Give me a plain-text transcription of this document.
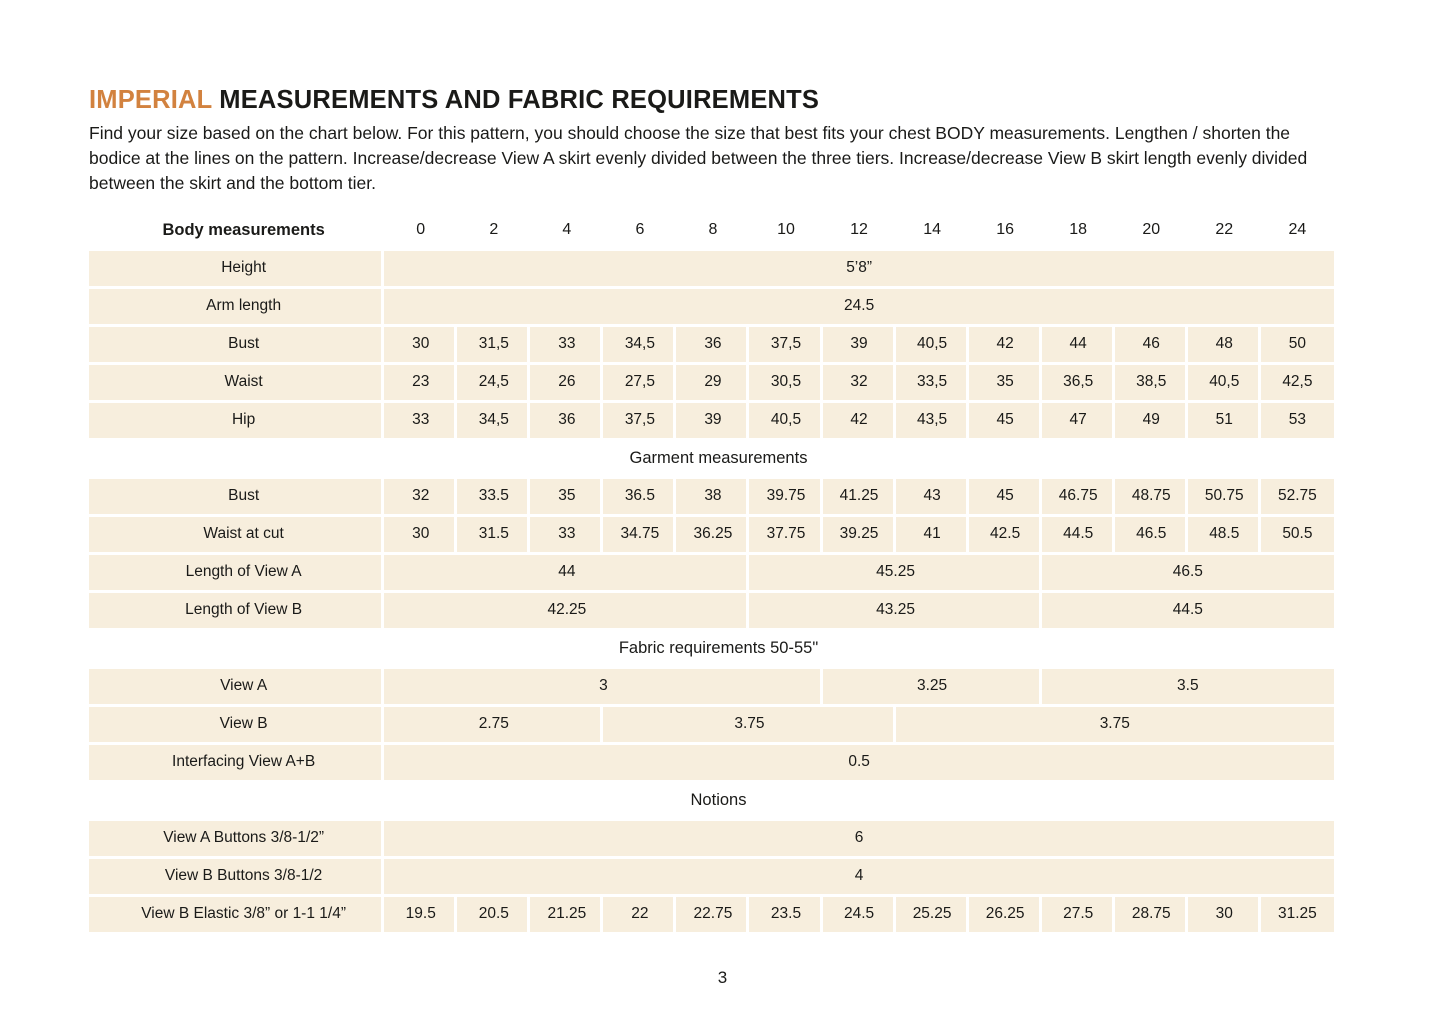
IMPERIAL MEASUREMENTS AND FABRIC REQUIREMENTS

Find your size based on the chart below. For this pattern, you should choose the size that best fits your chest BODY measurements. Lengthen / shorten the bodice at the lines on the pattern. Increase/decrease View A skirt evenly divided between the three tiers. Increase/decrease View B skirt length evenly divided between the skirt and the bottom tier.

Body measurements	0	2	4	6	8	10	12	14	16	18	20	22	24
Height	5’8”												
Arm length	24.5												
Bust	30	31,5	33	34,5	36	37,5	39	40,5	42	44	46	48	50
Waist	23	24,5	26	27,5	29	30,5	32	33,5	35	36,5	38,5	40,5	42,5
Hip	33	34,5	36	37,5	39	40,5	42	43,5	45	47	49	51	53
Garment measurements													
Bust	32	33.5	35	36.5	38	39.75	41.25	43	45	46.75	48.75	50.75	52.75
Waist at cut	30	31.5	33	34.75	36.25	37.75	39.25	41	42.5	44.5	46.5	48.5	50.5
Length of View A	44					45.25				46.5			
Length of View B	42.25					43.25				44.5			
Fabric requirements 50-55"													
View A	3						3.25			3.5			
View B	2.75			3.75				3.75					
Interfacing View A+B	0.5												
Notions													
View A Buttons 3/8-1/2”	6												
View B Buttons 3/8-1/2	4												
View B Elastic 3/8” or 1-1 1/4”	19.5	20.5	21.25	22	22.75	23.5	24.5	25.25	26.25	27.5	28.75	30	31.25
3
